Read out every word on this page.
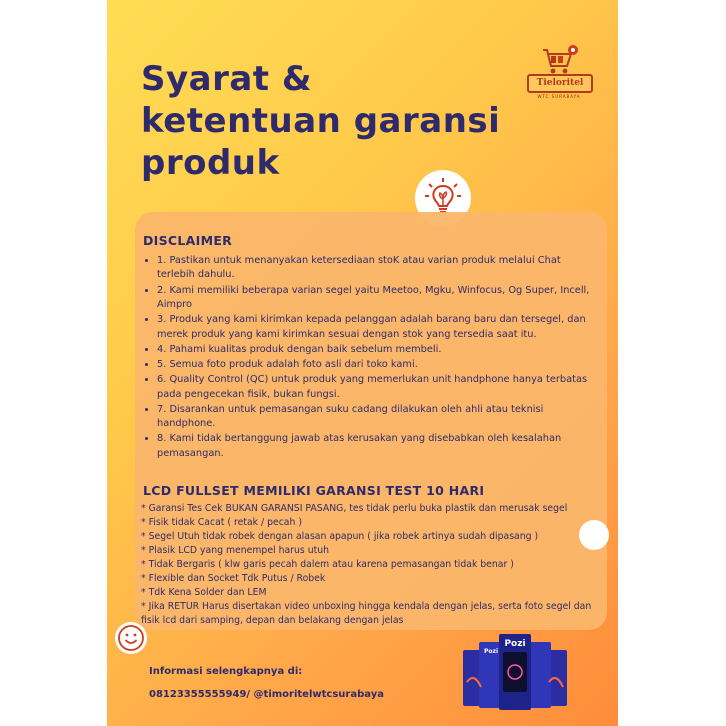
Syarat &
ketentuan garansi
produk
Tieloritel
WTC SURABAYA
DISCLAIMER
• 1. Pastikan untuk menanyakan ketersediaan stoK atau varian produk melalui Chat terlebih dahulu.
• 2. Kami memiliki beberapa varian segel yaitu Meetoo, Mgku, Winfocus, Og Super, Incell, Aimpro
• 3. Produk yang kami kirimkan kepada pelanggan adalah barang baru dan tersegel, dan merek produk yang kami kirimkan sesuai dengan stok yang tersedia saat itu.
• 4. Pahami kualitas produk dengan baik sebelum membeli.
• 5. Semua foto produk adalah foto asli dari toko kami.
• 6. Quality Control (QC) untuk produk yang memerlukan unit handphone hanya terbatas pada pengecekan fisik, bukan fungsi.
• 7. Disarankan untuk pemasangan suku cadang dilakukan oleh ahli atau teknisi handphone.
• 8. Kami tidak bertanggung jawab atas kerusakan yang disebabkan oleh kesalahan pemasangan.
LCD FULLSET MEMILIKI GARANSI TEST 10 HARI
* Garansi Tes Cek BUKAN GARANSI PASANG, tes tidak perlu buka plastik dan merusak segel
* Fisik tidak Cacat ( retak / pecah )
* Segel Utuh tidak robek dengan alasan apapun ( jika robek artinya sudah dipasang )
* Plasik LCD yang menempel harus utuh
* Tidak Bergaris ( klw garis pecah dalem atau karena pemasangan tidak benar )
* Flexible dan Socket Tdk Putus / Robek
* Tdk Kena Solder dan LEM
* Jika RETUR Harus disertakan video unboxing hingga kendala dengan jelas, serta foto segel dan fisik lcd dari samping, depan dan belakang dengan jelas
Informasi selengkapnya di:
08123355555949/ @timoritelwtcsurabaya
Pozi
Pozi
